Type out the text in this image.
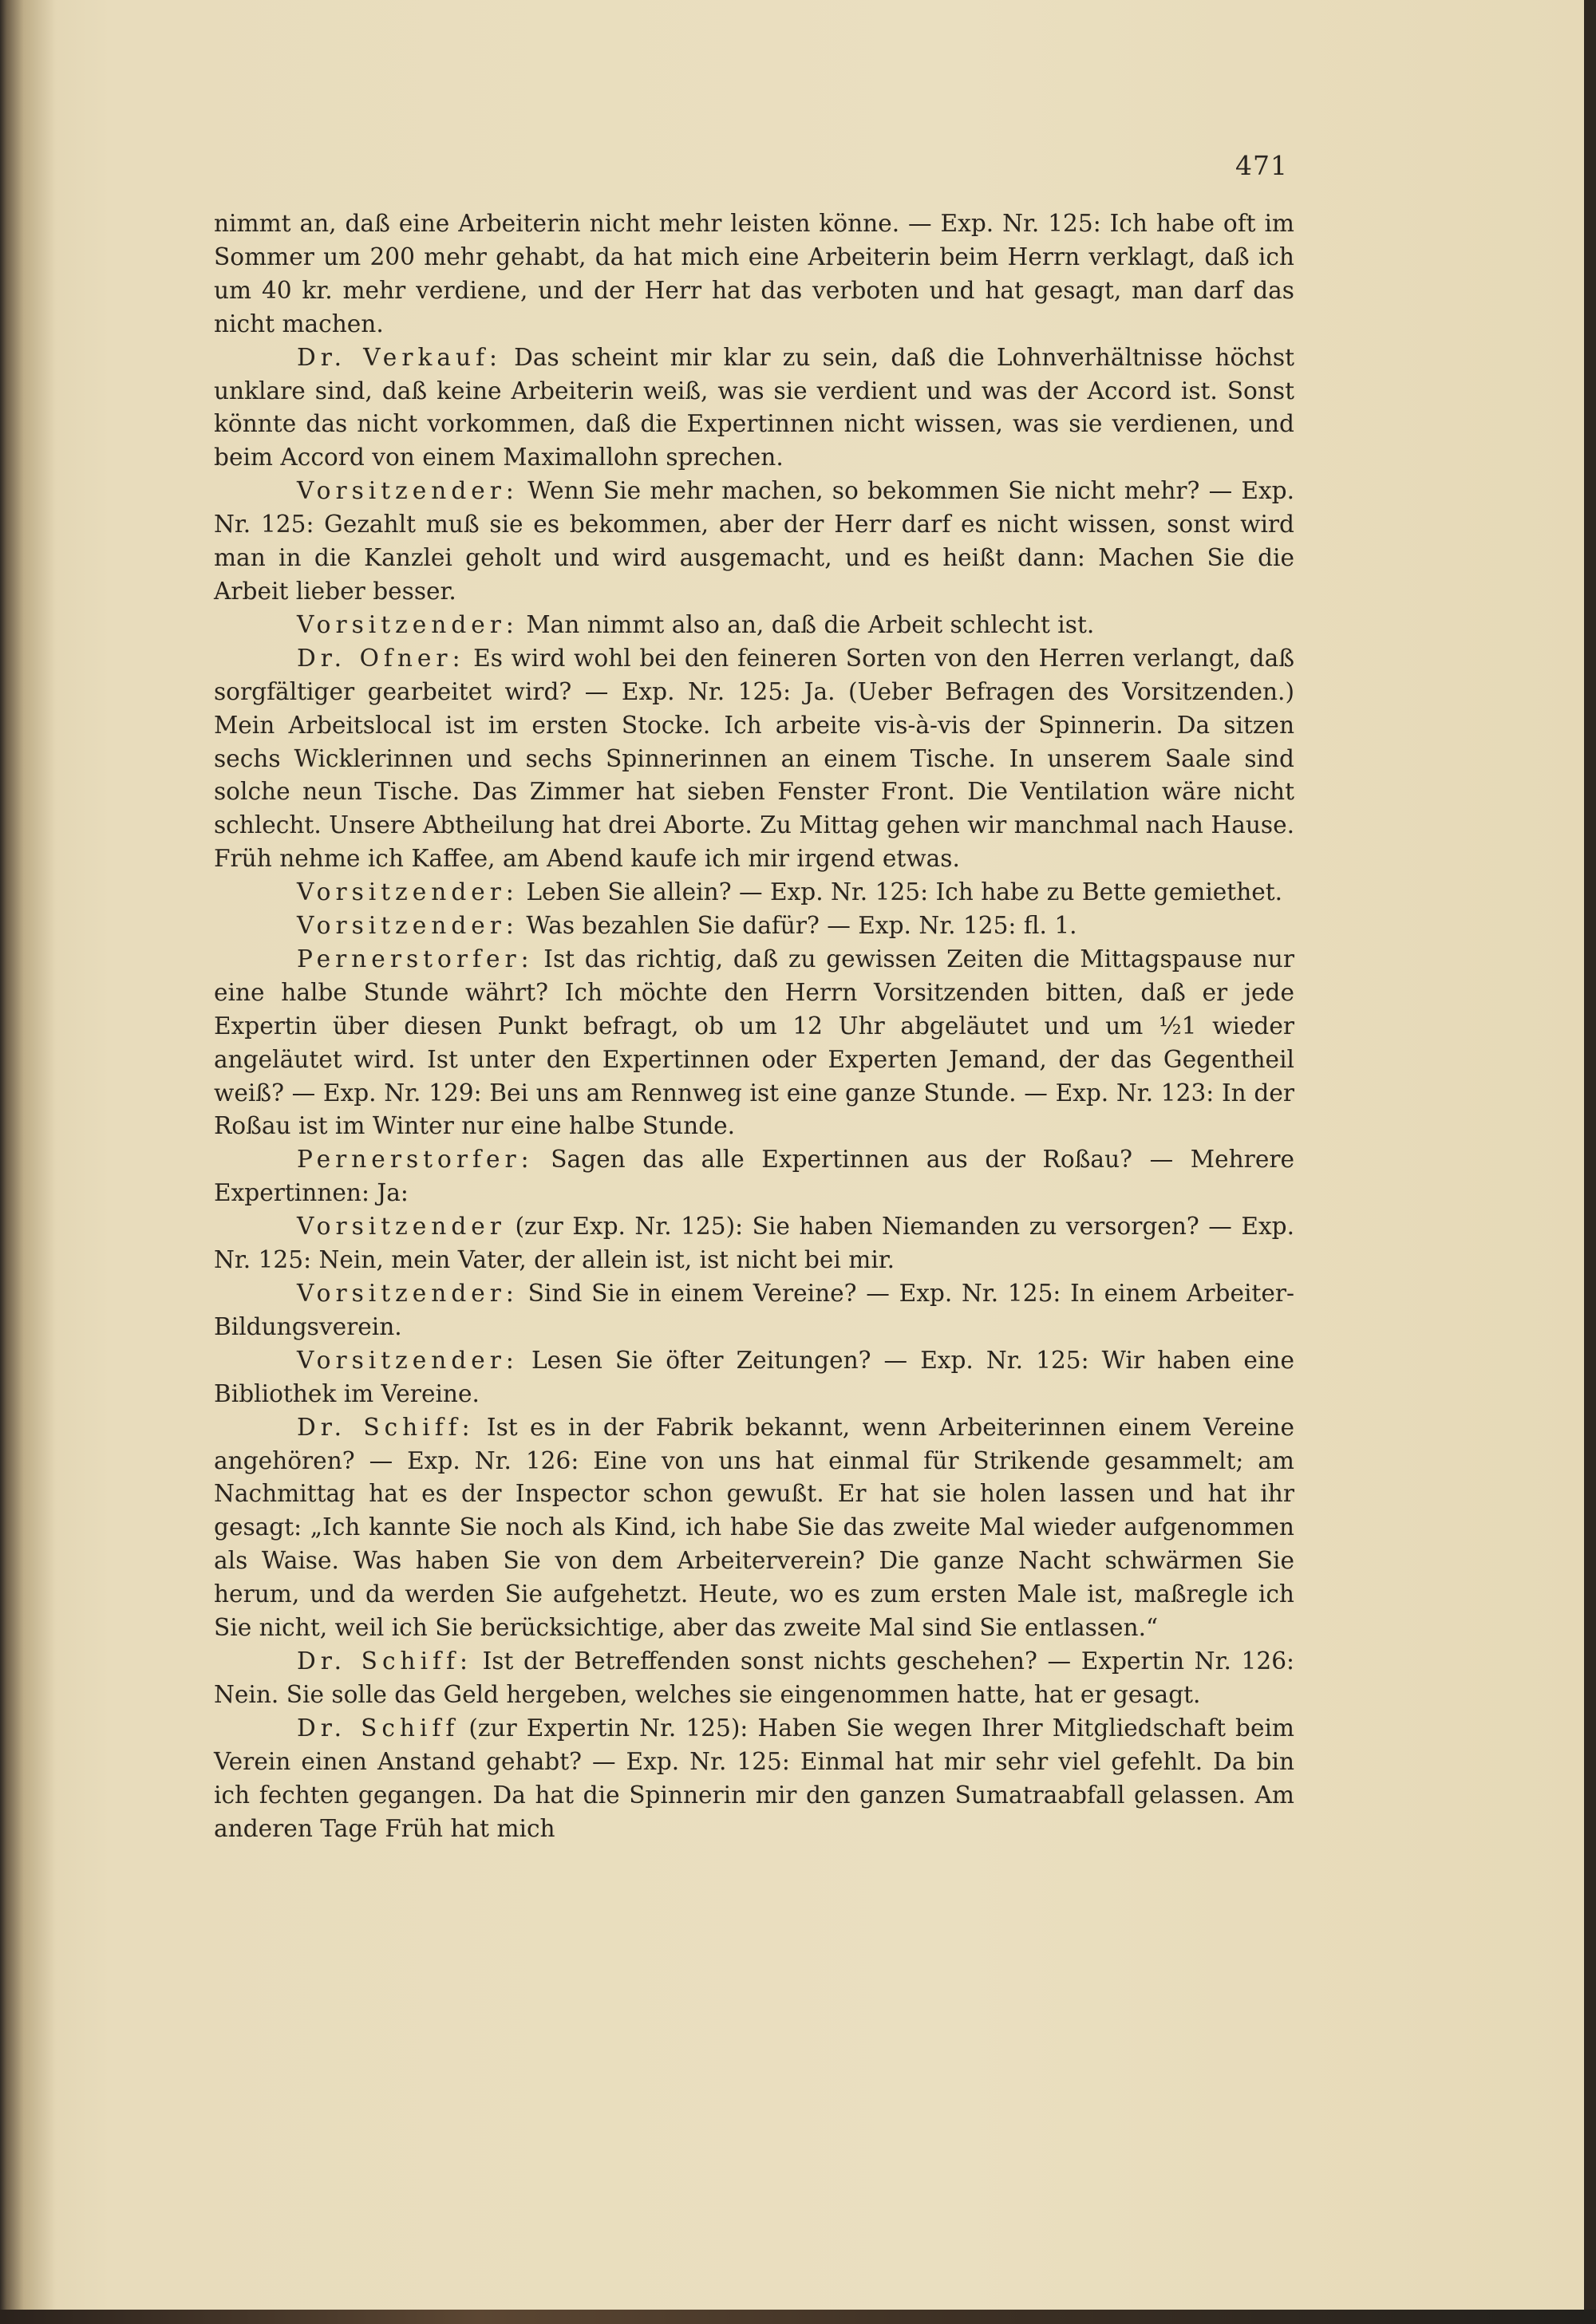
471

nimmt an, daß eine Arbeiterin nicht mehr leisten könne. — Exp. Nr. 125: Ich habe oft im Sommer um 200 mehr gehabt, da hat mich eine Arbeiterin beim Herrn verklagt, daß ich um 40 kr. mehr verdiene, und der Herr hat das verboten und hat gesagt, man darf das nicht machen.

Dr. Verkauf: Das scheint mir klar zu sein, daß die Lohnverhältnisse höchst unklare sind, daß keine Arbeiterin weiß, was sie verdient und was der Accord ist. Sonst könnte das nicht vorkommen, daß die Expertinnen nicht wissen, was sie verdienen, und beim Accord von einem Maximallohn sprechen.

Vorsitzender: Wenn Sie mehr machen, so bekommen Sie nicht mehr? — Exp. Nr. 125: Gezahlt muß sie es bekommen, aber der Herr darf es nicht wissen, sonst wird man in die Kanzlei geholt und wird ausgemacht, und es heißt dann: Machen Sie die Arbeit lieber besser.

Vorsitzender: Man nimmt also an, daß die Arbeit schlecht ist.

Dr. Ofner: Es wird wohl bei den feineren Sorten von den Herren verlangt, daß sorgfältiger gearbeitet wird? — Exp. Nr. 125: Ja. (Ueber Befragen des Vorsitzenden.) Mein Arbeitslocal ist im ersten Stocke. Ich arbeite vis-à-vis der Spinnerin. Da sitzen sechs Wicklerinnen und sechs Spinnerinnen an einem Tische. In unserem Saale sind solche neun Tische. Das Zimmer hat sieben Fenster Front. Die Ventilation wäre nicht schlecht. Unsere Abtheilung hat drei Aborte. Zu Mittag gehen wir manchmal nach Hause. Früh nehme ich Kaffee, am Abend kaufe ich mir irgend etwas.

Vorsitzender: Leben Sie allein? — Exp. Nr. 125: Ich habe zu Bette gemiethet.

Vorsitzender: Was bezahlen Sie dafür? — Exp. Nr. 125: fl. 1.

Pernerstorfer: Ist das richtig, daß zu gewissen Zeiten die Mittagspause nur eine halbe Stunde währt? Ich möchte den Herrn Vorsitzenden bitten, daß er jede Expertin über diesen Punkt befragt, ob um 12 Uhr abgeläutet und um ½1 wieder angeläutet wird. Ist unter den Expertinnen oder Experten Jemand, der das Gegentheil weiß? — Exp. Nr. 129: Bei uns am Rennweg ist eine ganze Stunde. — Exp. Nr. 123: In der Roßau ist im Winter nur eine halbe Stunde.

Pernerstorfer: Sagen das alle Expertinnen aus der Roßau? — Mehrere Expertinnen: Ja:

Vorsitzender (zur Exp. Nr. 125): Sie haben Niemanden zu versorgen? — Exp. Nr. 125: Nein, mein Vater, der allein ist, ist nicht bei mir.

Vorsitzender: Sind Sie in einem Vereine? — Exp. Nr. 125: In einem Arbeiter-Bildungsverein.

Vorsitzender: Lesen Sie öfter Zeitungen? — Exp. Nr. 125: Wir haben eine Bibliothek im Vereine.

Dr. Schiff: Ist es in der Fabrik bekannt, wenn Arbeiterinnen einem Vereine angehören? — Exp. Nr. 126: Eine von uns hat einmal für Strikende gesammelt; am Nachmittag hat es der Inspector schon gewußt. Er hat sie holen lassen und hat ihr gesagt: „Ich kannte Sie noch als Kind, ich habe Sie das zweite Mal wieder aufgenommen als Waise. Was haben Sie von dem Arbeiterverein? Die ganze Nacht schwärmen Sie herum, und da werden Sie aufgehetzt. Heute, wo es zum ersten Male ist, maßregle ich Sie nicht, weil ich Sie berücksichtige, aber das zweite Mal sind Sie entlassen.“

Dr. Schiff: Ist der Betreffenden sonst nichts geschehen? — Expertin Nr. 126: Nein. Sie solle das Geld hergeben, welches sie eingenommen hatte, hat er gesagt.

Dr. Schiff (zur Expertin Nr. 125): Haben Sie wegen Ihrer Mitgliedschaft beim Verein einen Anstand gehabt? — Exp. Nr. 125: Einmal hat mir sehr viel gefehlt. Da bin ich fechten gegangen. Da hat die Spinnerin mir den ganzen Sumatraabfall gelassen. Am anderen Tage Früh hat mich
